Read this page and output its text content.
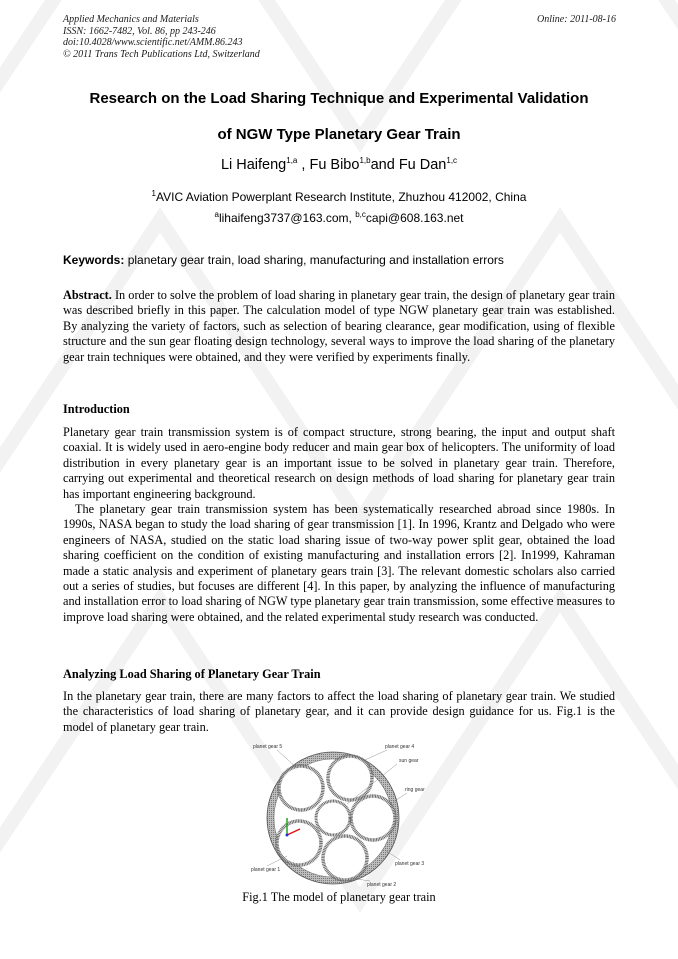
Applied Mechanics and Materials
ISSN: 1662-7482, Vol. 86, pp 243-246
doi:10.4028/www.scientific.net/AMM.86.243
© 2011 Trans Tech Publications Ltd, Switzerland
Online: 2011-08-16
Research on the Load Sharing Technique and Experimental Validation
of NGW Type Planetary Gear Train
Li Haifeng$^{1,a}$ , Fu Bibo$^{1,b}$and Fu Dan$^{1,c}$
$^1$AVIC Aviation Powerplant Research Institute, Zhuzhou 412002, China
$^a$lihaifeng3737@163.com, $^{b,c}$capi@608.163.net
Keywords: planetary gear train, load sharing, manufacturing and installation errors
Abstract. In order to solve the problem of load sharing in planetary gear train, the design of planetary gear train was described briefly in this paper. The calculation model of type NGW planetary gear train was established. By analyzing the variety of factors, such as selection of bearing clearance, gear modification, using of flexible structure and the sun gear floating design technology, several ways to improve the load sharing of the planetary gear train techniques were obtained, and they were verified by experiments finally.
Introduction
Planetary gear train transmission system is of compact structure, strong bearing, the input and output shaft coaxial. It is widely used in aero-engine body reducer and main gear box of helicopters. The uniformity of load distribution in every planetary gear is an important issue to be solved in planetary gear train. Therefore, carrying out experimental and theoretical research on design methods of load sharing for planetary gear train has important engineering background.
The planetary gear train transmission system has been systematically researched abroad since 1980s. In 1990s, NASA began to study the load sharing of gear transmission [1]. In 1996, Krantz and Delgado who were engineers of NASA, studied on the static load sharing issue of two-way power split gear, obtained the load sharing coefficient on the condition of existing manufacturing and installation errors [2]. In1999, Kahraman made a static analysis and experiment of planetary gears train [3]. The relevant domestic scholars also carried out a series of studies, but focuses are different [4]. In this paper, by analyzing the influence of manufacturing and installation error to load sharing of NGW type planetary gear train transmission, some effective measures to improve load sharing were obtained, and the related experimental study research was conducted.
Analyzing Load Sharing of Planetary Gear Train
In the planetary gear train, there are many factors to affect the load sharing of planetary gear train. We studied the characteristics of load sharing of planetary gear, and it can provide design guidance for us. Fig.1 is the model of planetary gear train.
planet gear 5	planet gear 4
sun gear
ring gear
planet gear 3
planet gear 2
planet gear 1
Fig.1 The model of planetary gear train
